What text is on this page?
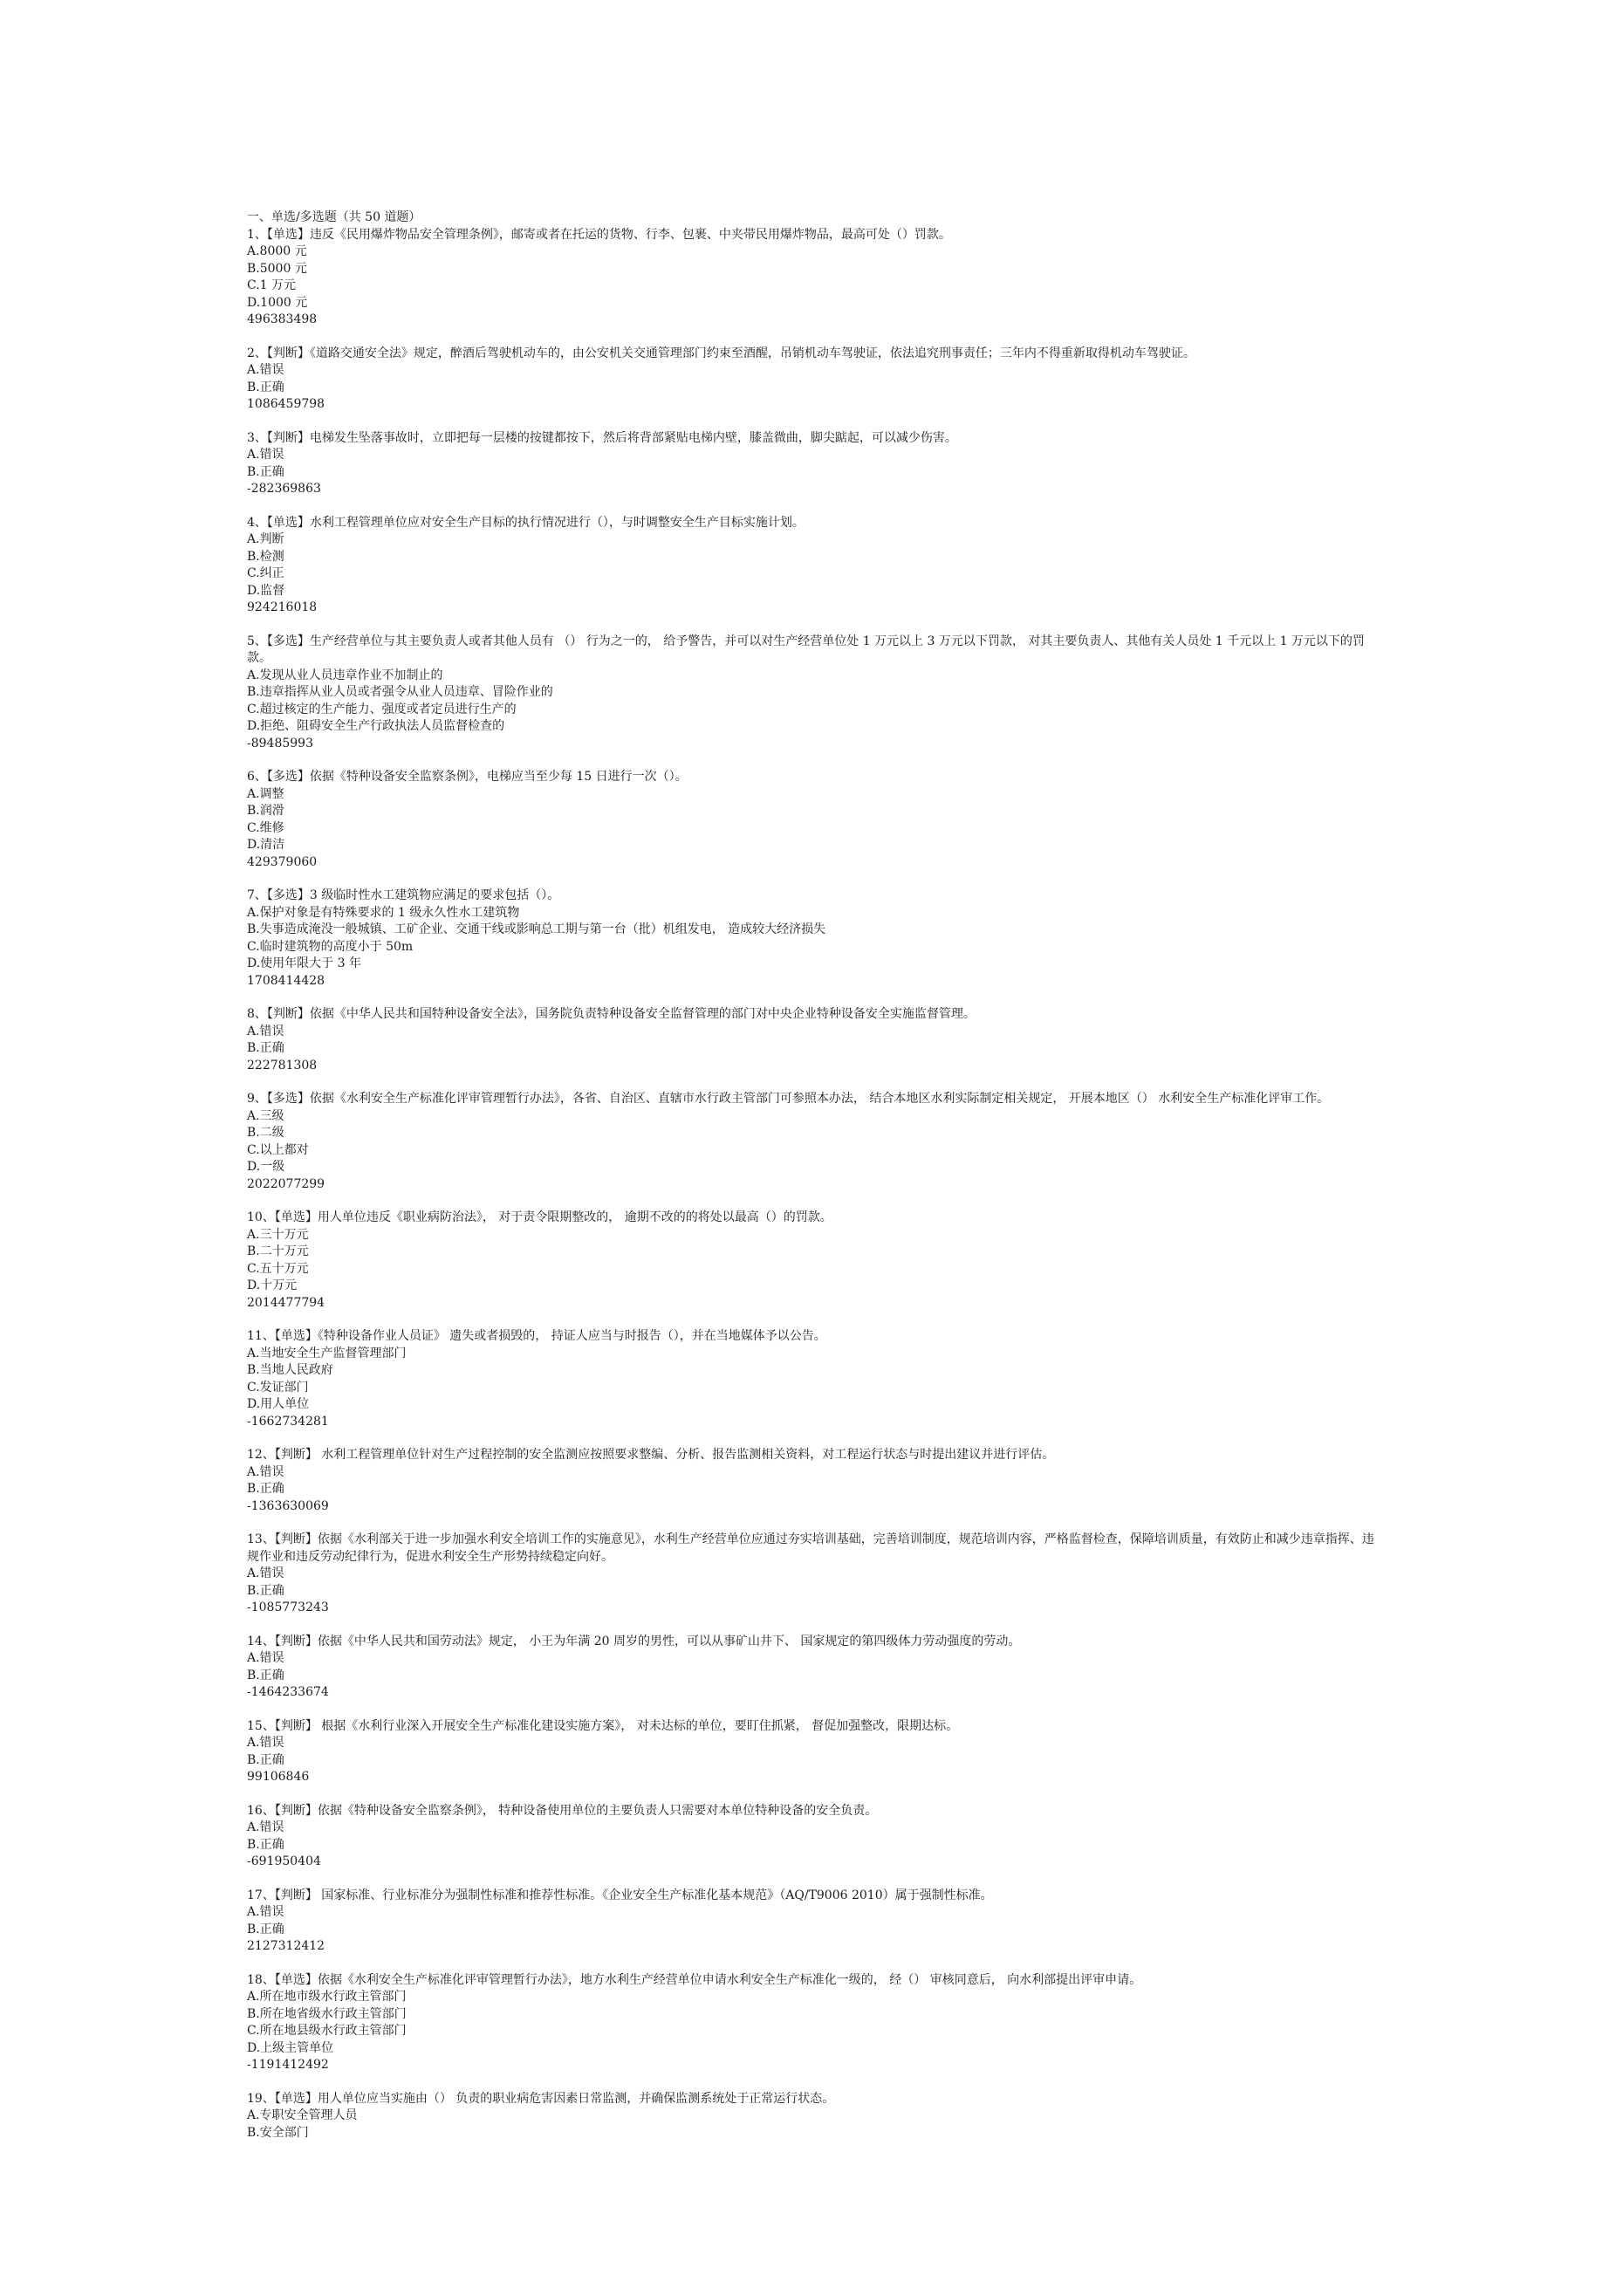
一、单选/多选题（共 50 道题）
1、【单选】违反《民用爆炸物品安全管理条例》，邮寄或者在托运的货物、行李、包裹、中夹带民用爆炸物品，最高可处（）罚款。
A.8000 元
B.5000 元
C.1 万元
D.1000 元
496383498
2、【判断】《道路交通安全法》规定，醉酒后驾驶机动车的，由公安机关交通管理部门约束至酒醒，吊销机动车驾驶证，依法追究刑事责任；三年内不得重新取得机动车驾驶证。
A.错误
B.正确
1086459798
3、【判断】电梯发生坠落事故时，立即把每一层楼的按键都按下，然后将背部紧贴电梯内壁，膝盖微曲，脚尖踮起，可以减少伤害。
A.错误
B.正确
-282369863
4、【单选】水利工程管理单位应对安全生产目标的执行情况进行（），与时调整安全生产目标实施计划。
A.判断
B.检测
C.纠正
D.监督
924216018
5、【多选】生产经营单位与其主要负责人或者其他人员有 （） 行为之一的， 给予警告，并可以对生产经营单位处 1 万元以上 3 万元以下罚款， 对其主要负责人、其他有关人员处 1 千元以上 1 万元以下的罚款。
A.发现从业人员违章作业不加制止的
B.违章指挥从业人员或者强令从业人员违章、冒险作业的
C.超过核定的生产能力、强度或者定员进行生产的
D.拒绝、阻碍安全生产行政执法人员监督检查的
-89485993
6、【多选】依据《特种设备安全监察条例》，电梯应当至少每 15 日进行一次（）。
A.调整
B.润滑
C.维修
D.清洁
429379060
7、【多选】3 级临时性水工建筑物应满足的要求包括（）。
A.保护对象是有特殊要求的 1 级永久性水工建筑物
B.失事造成淹没一般城镇、工矿企业、交通干线或影响总工期与第一台（批）机组发电， 造成较大经济损失
C.临时建筑物的高度小于 50m
D.使用年限大于 3 年
1708414428
8、【判断】依据《中华人民共和国特种设备安全法》，国务院负责特种设备安全监督管理的部门对中央企业特种设备安全实施监督管理。
A.错误
B.正确
222781308
9、【多选】依据《水利安全生产标准化评审管理暂行办法》，各省、自治区、直辖市水行政主管部门可参照本办法， 结合本地区水利实际制定相关规定， 开展本地区（） 水利安全生产标准化评审工作。
A.三级
B.二级
C.以上都对
D.一级
2022077299
10、【单选】用人单位违反《职业病防治法》， 对于责令限期整改的， 逾期不改的的将处以最高（）的罚款。
A.三十万元
B.二十万元
C.五十万元
D.十万元
2014477794
11、【单选】《特种设备作业人员证》 遗失或者损毁的， 持证人应当与时报告（），并在当地媒体予以公告。
A.当地安全生产监督管理部门
B.当地人民政府
C.发证部门
D.用人单位
-1662734281
12、【判断】 水利工程管理单位针对生产过程控制的安全监测应按照要求整编、分析、报告监测相关资料，对工程运行状态与时提出建议并进行评估。
A.错误
B.正确
-1363630069
13、【判断】依据《水利部关于进一步加强水利安全培训工作的实施意见》，水利生产经营单位应通过夯实培训基础，完善培训制度，规范培训内容，严格监督检查，保障培训质量，有效防止和减少违章指挥、违规作业和违反劳动纪律行为，促进水利安全生产形势持续稳定向好。
A.错误
B.正确
-1085773243
14、【判断】依据《中华人民共和国劳动法》规定， 小王为年满 20 周岁的男性，可以从事矿山井下、 国家规定的第四级体力劳动强度的劳动。
A.错误
B.正确
-1464233674
15、【判断】 根据《水利行业深入开展安全生产标准化建设实施方案》， 对未达标的单位，要盯住抓紧， 督促加强整改，限期达标。
A.错误
B.正确
99106846
16、【判断】依据《特种设备安全监察条例》， 特种设备使用单位的主要负责人只需要对本单位特种设备的安全负责。
A.错误
B.正确
-691950404
17、【判断】 国家标准、行业标准分为强制性标准和推荐性标准。《企业安全生产标准化基本规范》（AQ/T9006 2010）属于强制性标准。
A.错误
B.正确
2127312412
18、【单选】依据《水利安全生产标准化评审管理暂行办法》，地方水利生产经营单位申请水利安全生产标准化一级的， 经（） 审核同意后， 向水利部提出评审申请。
A.所在地市级水行政主管部门
B.所在地省级水行政主管部门
C.所在地县级水行政主管部门
D.上级主管单位
-1191412492
19、【单选】用人单位应当实施由（） 负责的职业病危害因素日常监测，并确保监测系统处于正常运行状态。
A.专职安全管理人员
B.安全部门
